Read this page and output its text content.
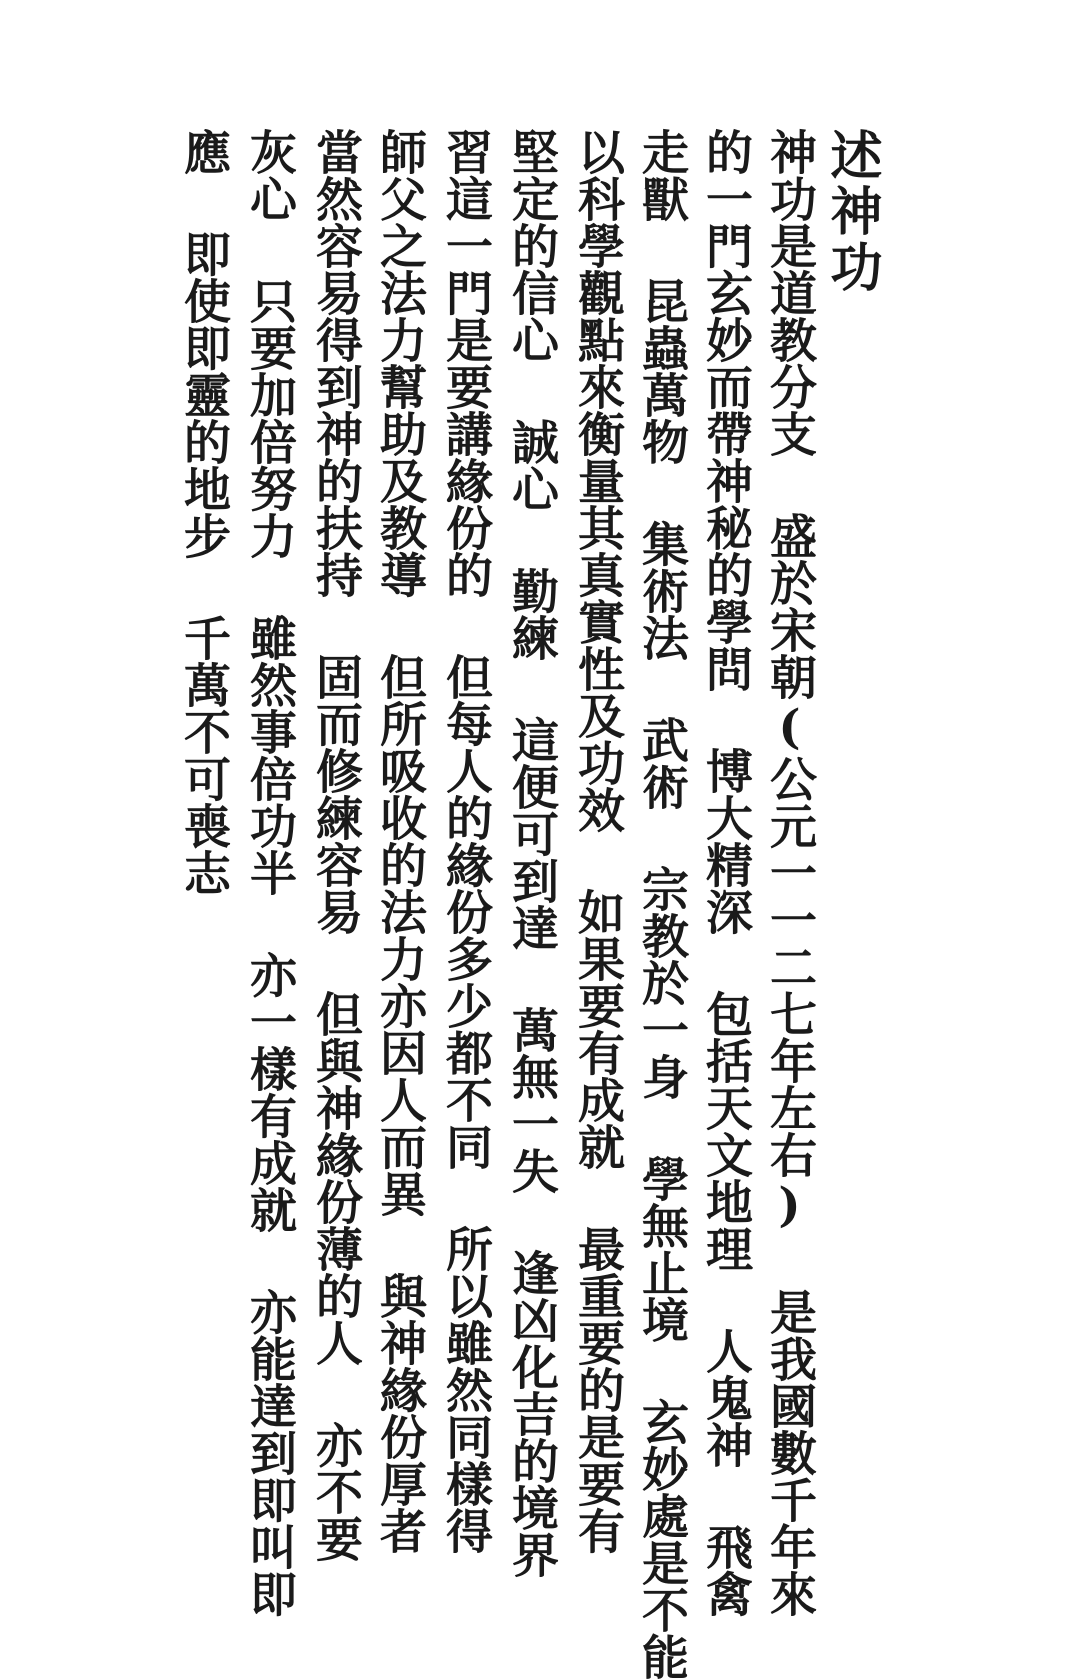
述神功
神功是道教分支 盛於宋朝(公元一一二七年左右) 是我國數千年來
的一門玄妙而帶神秘的學問 博大精深 包括天文地理 人鬼神 飛禽
走獸 昆蟲萬物 集術法 武術 宗教於一身 學無止境 玄妙處是不能
以科學觀點來衡量其真實性及功效 如果要有成就 最重要的是要有
堅定的信心 誠心 勤練 這便可到達 萬無一失 逢凶化吉的境界
習這一門是要講緣份的 但每人的緣份多少都不同 所以雖然同樣得
師父之法力幫助及教導 但所吸收的法力亦因人而異 與神緣份厚者
當然容易得到神的扶持 固而修練容易 但與神緣份薄的人 亦不要
灰心 只要加倍努力 雖然事倍功半 亦一樣有成就 亦能達到即叫即
應 即使即靈的地步 千萬不可喪志
